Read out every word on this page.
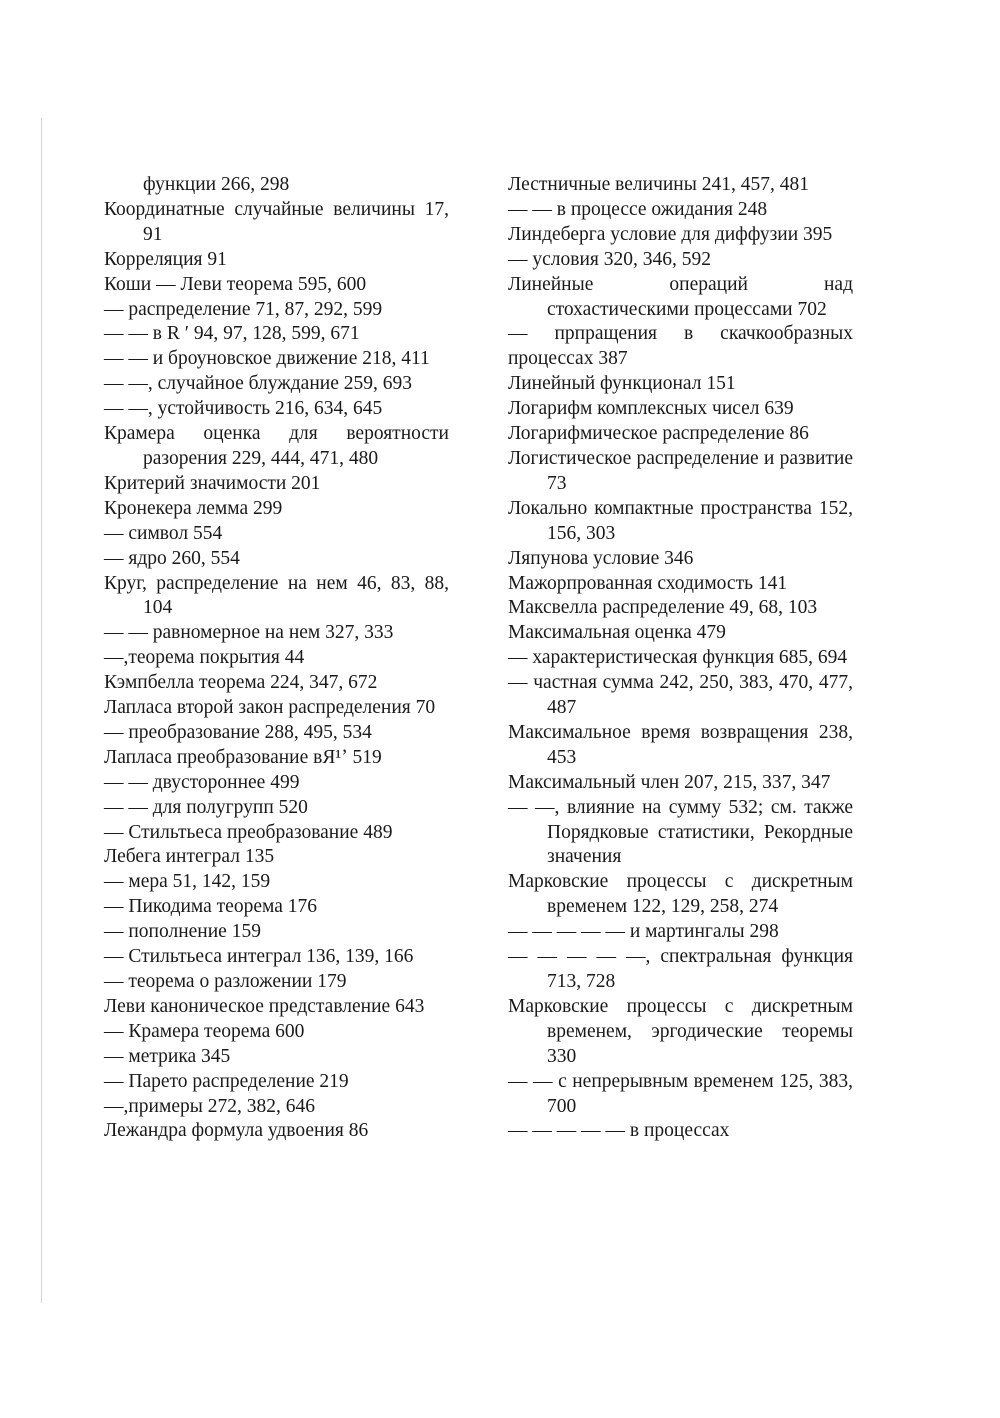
функции 266, 298
Координатные случайные величины 17, 91
Корреляция 91
Коши — Леви теорема 595, 600
— распределение 71, 87, 292, 599
— — в R ′ 94, 97, 128, 599, 671
— — и броуновское движение 218, 411
— —, случайное блуждание 259, 693
— —, устойчивость 216, 634, 645
Крамера оценка для вероятности разорения 229, 444, 471, 480
Критерий значимости 201
Кронекера лемма 299
— символ 554
— ядро 260, 554
Круг, распределение на нем 46, 83, 88, 104
— — равномерное на нем 327, 333
—,теорема покрытия 44
Кэмпбелла теорема 224, 347, 672
Лапласа второй закон распределения 70
— преобразование 288, 495, 534
Лапласа преобразование вЯ¹ʼ 519
— — двустороннее 499
— — для полугрупп 520
— Стильтьеса преобразование 489
Лебега интеграл 135
— мера 51, 142, 159
— Пикодима теорема 176
— пополнение 159
— Стильтьеса интеграл 136, 139, 166
— теорема о разложении 179
Леви каноническое представление 643
— Крамера теорема 600
— метрика 345
— Парето распределение 219
—,примеры 272, 382, 646
Лежандра формула удвоения 86
Лестничные величины 241, 457, 481
— — в процессе ожидания 248
Линдеберга условие для диффузии 395
— условия 320, 346, 592
Линейные операций над стохастическими процессами 702
— прпращения в скачкообразных процессах 387
Линейный функционал 151
Логарифм комплексных чисел 639
Логарифмическое распределение 86
Логистическое распределение и развитие 73
Локально компактные пространства 152, 156, 303
Ляпунова условие 346
Мажорпрованная сходимость 141
Максвелла распределение 49, 68, 103
Максимальная оценка 479
— характеристическая функция 685, 694
— частная сумма 242, 250, 383, 470, 477, 487
Максимальное время возвращения 238, 453
Максимальный член 207, 215, 337, 347
— —, влияние на сумму 532; см. также Порядковые статистики, Рекордные значения
Марковские процессы с дискретным временем 122, 129, 258, 274
— — — — — и мартингалы 298
— — — — —, спектральная функция 713, 728
Марковские процессы с дискретным временем, эргодические теоремы 330
— — с непрерывным временем 125, 383, 700
— — — — — в процессах
